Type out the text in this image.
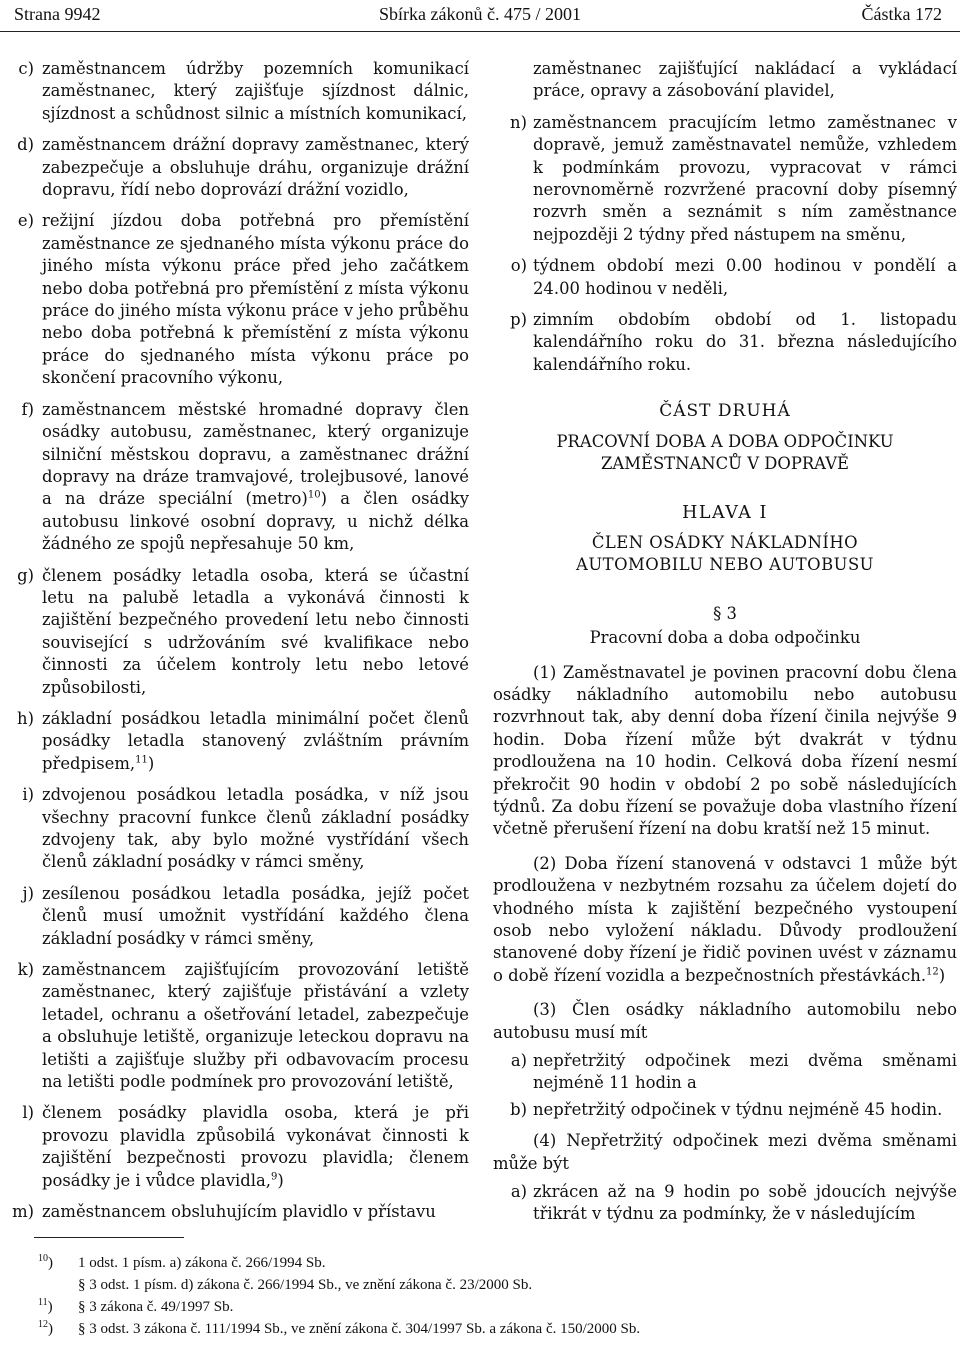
Strana 9942	Sbírka zákonů č. 475 / 2001	Částka 172
c) zaměstnancem údržby pozemních komunikací zaměstnanec, který zajišťuje sjízdnost dálnic, sjízdnost a schůdnost silnic a místních komunikací,
d) zaměstnancem drážní dopravy zaměstnanec, který zabezpečuje a obsluhuje dráhu, organizuje drážní dopravu, řídí nebo doprovází drážní vozidlo,
e) režijní jízdou doba potřebná pro přemístění zaměstnance ze sjednaného místa výkonu práce do jiného místa výkonu práce před jeho začátkem nebo doba potřebná pro přemístění z místa výkonu práce do jiného místa výkonu práce v jeho průběhu nebo doba potřebná k přemístění z místa výkonu práce do sjednaného místa výkonu práce po skončení pracovního výkonu,
f) zaměstnancem městské hromadné dopravy člen osádky autobusu, zaměstnanec, který organizuje silniční městskou dopravu, a zaměstnanec drážní dopravy na dráze tramvajové, trolejbusové, lanové a na dráze speciální (metro)$^{10}$) a člen osádky autobusu linkové osobní dopravy, u nichž délka žádného ze spojů nepřesahuje 50 km,
g) členem posádky letadla osoba, která se účastní letu na palubě letadla a vykonává činnosti k zajištění bezpečného provedení letu nebo činnosti související s udržováním své kvalifikace nebo činnosti za účelem kontroly letu nebo letové způsobilosti,
h) základní posádkou letadla minimální počet členů posádky letadla stanovený zvláštním právním předpisem,$^{11}$)
i) zdvojenou posádkou letadla posádka, v níž jsou všechny pracovní funkce členů základní posádky zdvojeny tak, aby bylo možné vystřídání všech členů základní posádky v rámci směny,
j) zesílenou posádkou letadla posádka, jejíž počet členů musí umožnit vystřídání každého člena základní posádky v rámci směny,
k) zaměstnancem zajišťujícím provozování letiště zaměstnanec, který zajišťuje přistávání a vzlety letadel, ochranu a ošetřování letadel, zabezpečuje a obsluhuje letiště, organizuje leteckou dopravu na letišti a zajišťuje služby při odbavovacím procesu na letišti podle podmínek pro provozování letiště,
l) členem posádky plavidla osoba, která je při provozu plavidla způsobilá vykonávat činnosti k zajištění bezpečnosti provozu plavidla; členem posádky je i vůdce plavidla,$^9$)
m) zaměstnancem obsluhujícím plavidlo v přístavu
zaměstnanec zajišťující nakládací a vykládací práce, opravy a zásobování plavidel,
n) zaměstnancem pracujícím letmo zaměstnanec v dopravě, jemuž zaměstnavatel nemůže, vzhledem k podmínkám provozu, vypracovat v rámci nerovnoměrně rozvržené pracovní doby písemný rozvrh směn a seznámit s ním zaměstnance nejpozději 2 týdny před nástupem na směnu,
o) týdnem období mezi 0.00 hodinou v pondělí a 24.00 hodinou v neděli,
p) zimním obdobím období od 1. listopadu kalendářního roku do 31. března následujícího kalendářního roku.
ČÁST DRUHÁ
PRACOVNÍ DOBA A DOBA ODPOČINKU
ZAMĚSTNANCŮ V DOPRAVĚ
HLAVA I
ČLEN OSÁDKY NÁKLADNÍHO
AUTOMOBILU NEBO AUTOBUSU
§ 3
Pracovní doba a doba odpočinku

(1) Zaměstnavatel je povinen pracovní dobu člena osádky nákladního automobilu nebo autobusu rozvrhnout tak, aby denní doba řízení činila nejvýše 9 hodin. Doba řízení může být dvakrát v týdnu prodloužena na 10 hodin. Celková doba řízení nesmí překročit 90 hodin v období 2 po sobě následujících týdnů. Za dobu řízení se považuje doba vlastního řízení včetně přerušení řízení na dobu kratší než 15 minut.

(2) Doba řízení stanovená v odstavci 1 může být prodloužena v nezbytném rozsahu za účelem dojetí do vhodného místa k zajištění bezpečného vystoupení osob nebo vyložení nákladu. Důvody prodloužení stanovené doby řízení je řidič povinen uvést v záznamu o době řízení vozidla a bezpečnostních přestávkách.$^{12}$)

(3) Člen osádky nákladního automobilu nebo autobusu musí mít

a) nepřetržitý odpočinek mezi dvěma směnami nejméně 11 hodin a
b) nepřetržitý odpočinek v týdnu nejméně 45 hodin.

(4) Nepřetržitý odpočinek mezi dvěma směnami může být

a) zkrácen až na 9 hodin po sobě jdoucích nejvýše třikrát v týdnu za podmínky, že v následujícím
$^{10}$) 1 odst. 1 písm. a) zákona č. 266/1994 Sb.
§ 3 odst. 1 písm. d) zákona č. 266/1994 Sb., ve znění zákona č. 23/2000 Sb.
$^{11}$) § 3 zákona č. 49/1997 Sb.
$^{12}$) § 3 odst. 3 zákona č. 111/1994 Sb., ve znění zákona č. 304/1997 Sb. a zákona č. 150/2000 Sb.
